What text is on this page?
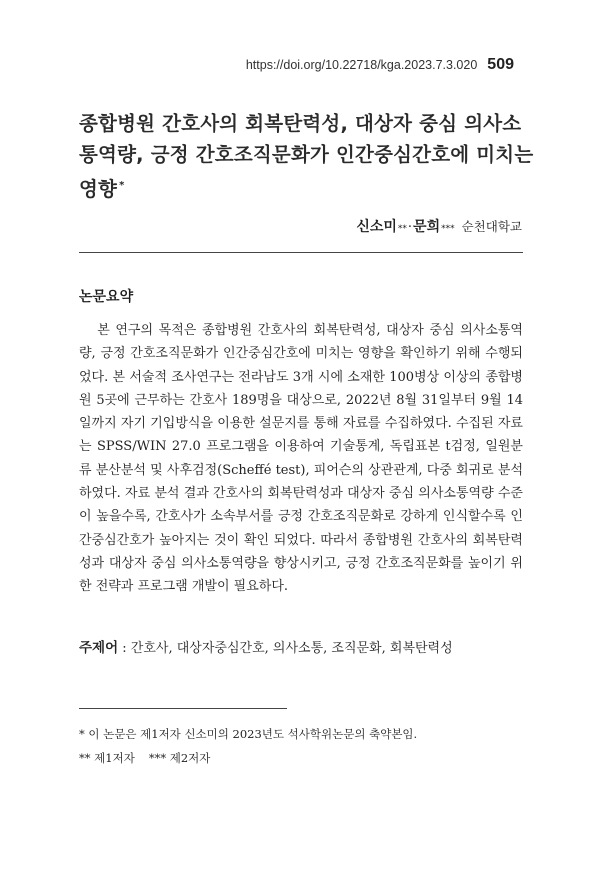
https://doi.org/10.22718/kga.2023.7.3.020 509
종합병원 간호사의 회복탄력성, 대상자 중심 의사소통역량, 긍정 간호조직문화가 인간중심간호에 미치는 영향 *
신소미 ** · 문희 *** 순천대학교
논문요약
본 연구의 목적은 종합병원 간호사의 회복탄력성, 대상자 중심 의사소통역량, 긍정 간호조직문화가 인간중심간호에 미치는 영향을 확인하기 위해 수행되었다. 본 서술적 조사연구는 전라남도 3개 시에 소재한 100병상 이상의 종합병원 5곳에 근무하는 간호사 189명을 대상으로, 2022년 8월 31일부터 9월 14일까지 자기 기입방식을 이용한 설문지를 통해 자료를 수집하였다. 수집된 자료는 SPSS/WIN 27.0 프로그램을 이용하여 기술통계, 독립표본 t검정, 일원분류 분산분석 및 사후검정(Scheffé test), 피어슨의 상관관계, 다중 회귀로 분석하였다. 자료 분석 결과 간호사의 회복탄력성과 대상자 중심 의사소통역량 수준이 높을수록, 간호사가 소속부서를 긍정 간호조직문화로 강하게 인식할수록 인간중심간호가 높아지는 것이 확인 되었다. 따라서 종합병원 간호사의 회복탄력성과 대상자 중심 의사소통역량을 향상시키고, 긍정 간호조직문화를 높이기 위한 전략과 프로그램 개발이 필요하다.
주제어 : 간호사, 대상자중심간호, 의사소통, 조직문화, 회복탄력성
* 이 논문은 제1저자 신소미의 2023년도 석사학위논문의 축약본임.
** 제1저자 *** 제2저자
